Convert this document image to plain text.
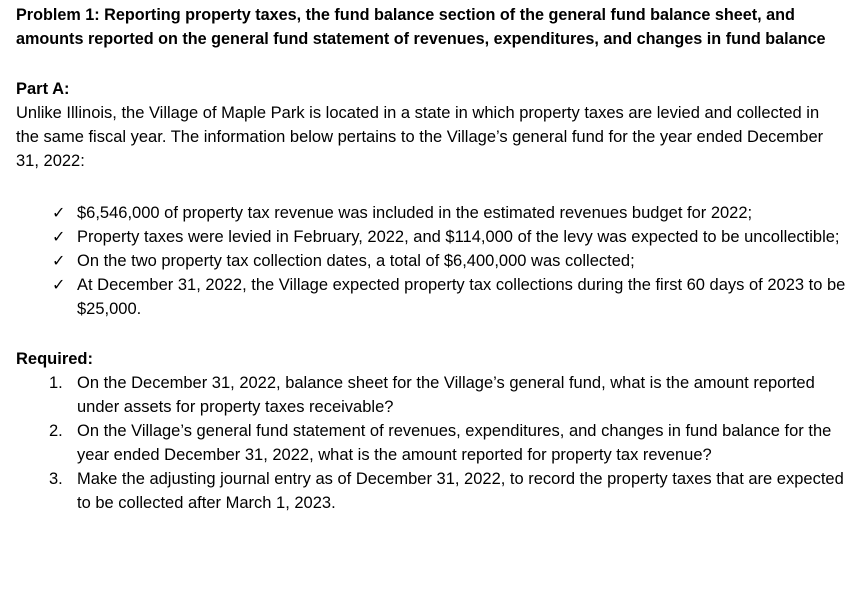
Problem 1: Reporting property taxes, the fund balance section of the general fund balance sheet, and amounts reported on the general fund statement of revenues, expenditures, and changes in fund balance

Part A:

Unlike Illinois, the Village of Maple Park is located in a state in which property taxes are levied and collected in the same fiscal year. The information below pertains to the Village’s general fund for the year ended December 31, 2022:

✓ $6,546,000 of property tax revenue was included in the estimated revenues budget for 2022;
✓ Property taxes were levied in February, 2022, and $114,000 of the levy was expected to be uncollectible;
✓ On the two property tax collection dates, a total of $6,400,000 was collected;
✓ At December 31, 2022, the Village expected property tax collections during the first 60 days of 2023 to be $25,000.

Required:

1. On the December 31, 2022, balance sheet for the Village’s general fund, what is the amount reported under assets for property taxes receivable?
2. On the Village’s general fund statement of revenues, expenditures, and changes in fund balance for the year ended December 31, 2022, what is the amount reported for property tax revenue?
3. Make the adjusting journal entry as of December 31, 2022, to record the property taxes that are expected to be collected after March 1, 2023.
